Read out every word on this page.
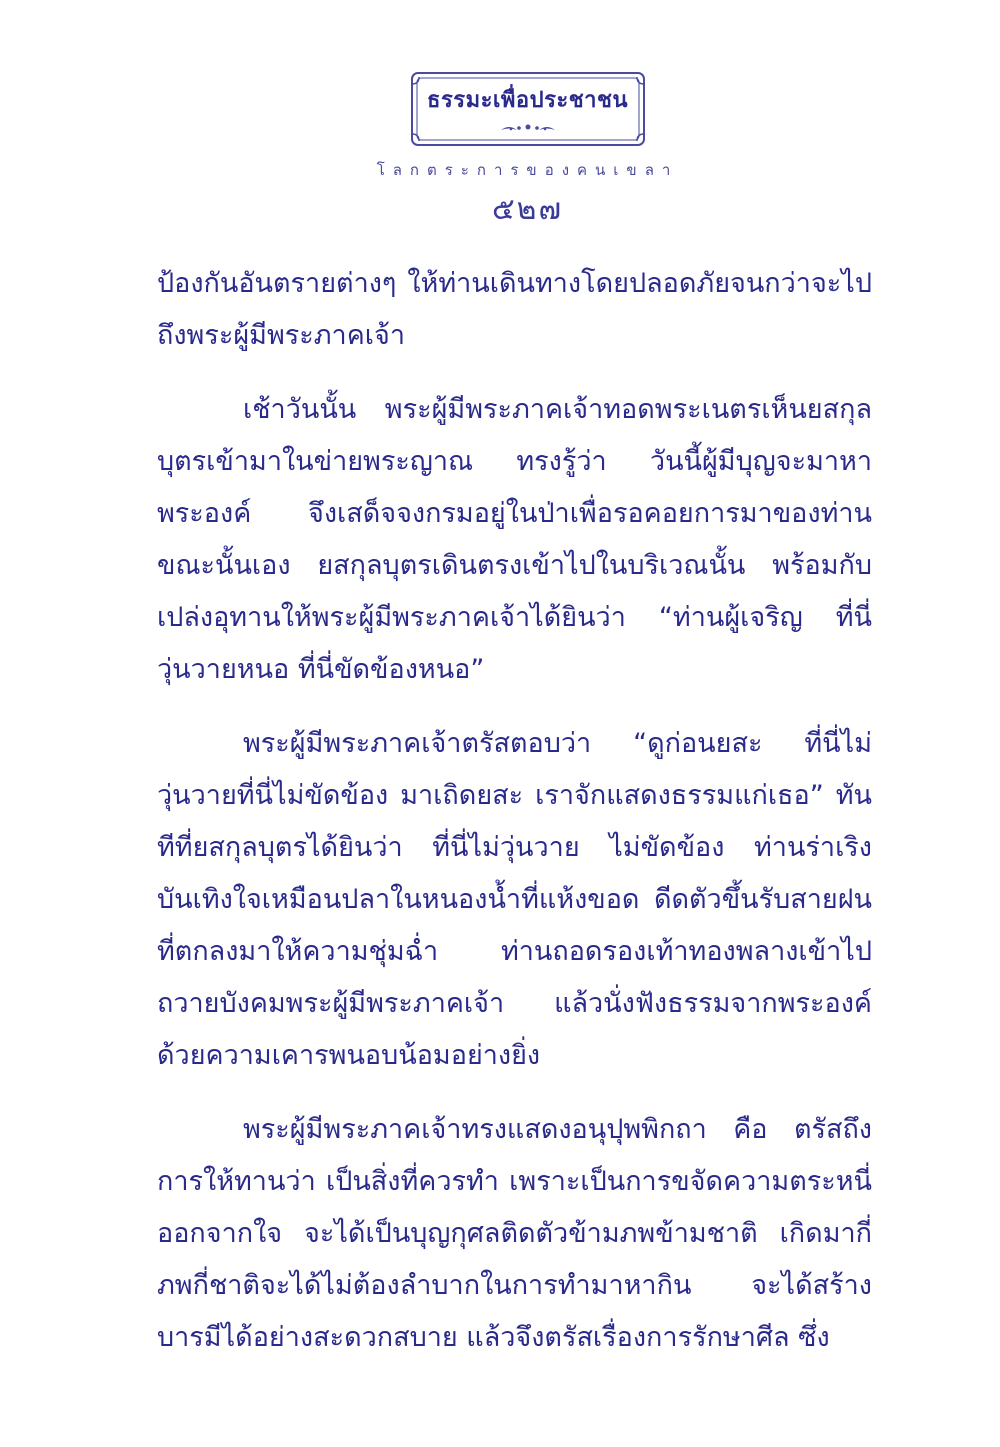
ธรรมะเพื่อประชาชน
โลกตระการของคนเขลา
๕๒๗

ป้องกันอันตรายต่างๆ ให้ท่านเดินทางโดยปลอดภัยจนกว่าจะไปถึงพระผู้มีพระภาคเจ้า

เช้าวันนั้น พระผู้มีพระภาคเจ้าทอดพระเนตรเห็นยสกุลบุตรเข้ามาในข่ายพระญาณ ทรงรู้ว่า วันนี้ผู้มีบุญจะมาหาพระองค์ จึงเสด็จจงกรมอยู่ในป่าเพื่อรอคอยการมาของท่าน ขณะนั้นเอง ยสกุลบุตรเดินตรงเข้าไปในบริเวณนั้น พร้อมกับเปล่งอุทานให้พระผู้มีพระภาคเจ้าได้ยินว่า “ท่านผู้เจริญ ที่นี่วุ่นวายหนอ ที่นี่ขัดข้องหนอ”

พระผู้มีพระภาคเจ้าตรัสตอบว่า “ดูก่อนยสะ ที่นี่ไม่วุ่นวายที่นี่ไม่ขัดข้อง มาเถิดยสะ เราจักแสดงธรรมแก่เธอ” ทันทีที่ยสกุลบุตรได้ยินว่า ที่นี่ไม่วุ่นวาย ไม่ขัดข้อง ท่านร่าเริงบันเทิงใจเหมือนปลาในหนองน้ำที่แห้งขอด ดีดตัวขึ้นรับสายฝนที่ตกลงมาให้ความชุ่มฉ่ำ ท่านถอดรองเท้าทองพลางเข้าไปถวายบังคมพระผู้มีพระภาคเจ้า แล้วนั่งฟังธรรมจากพระองค์ด้วยความเคารพนอบน้อมอย่างยิ่ง

พระผู้มีพระภาคเจ้าทรงแสดงอนุปุพพิกถา คือ ตรัสถึงการให้ทานว่า เป็นสิ่งที่ควรทำ เพราะเป็นการขจัดความตระหนี่ออกจากใจ จะได้เป็นบุญกุศลติดตัวข้ามภพข้ามชาติ เกิดมากี่ภพกี่ชาติจะได้ไม่ต้องลำบากในการทำมาหากิน จะได้สร้างบารมีได้อย่างสะดวกสบาย แล้วจึงตรัสเรื่องการรักษาศีล ซึ่ง
